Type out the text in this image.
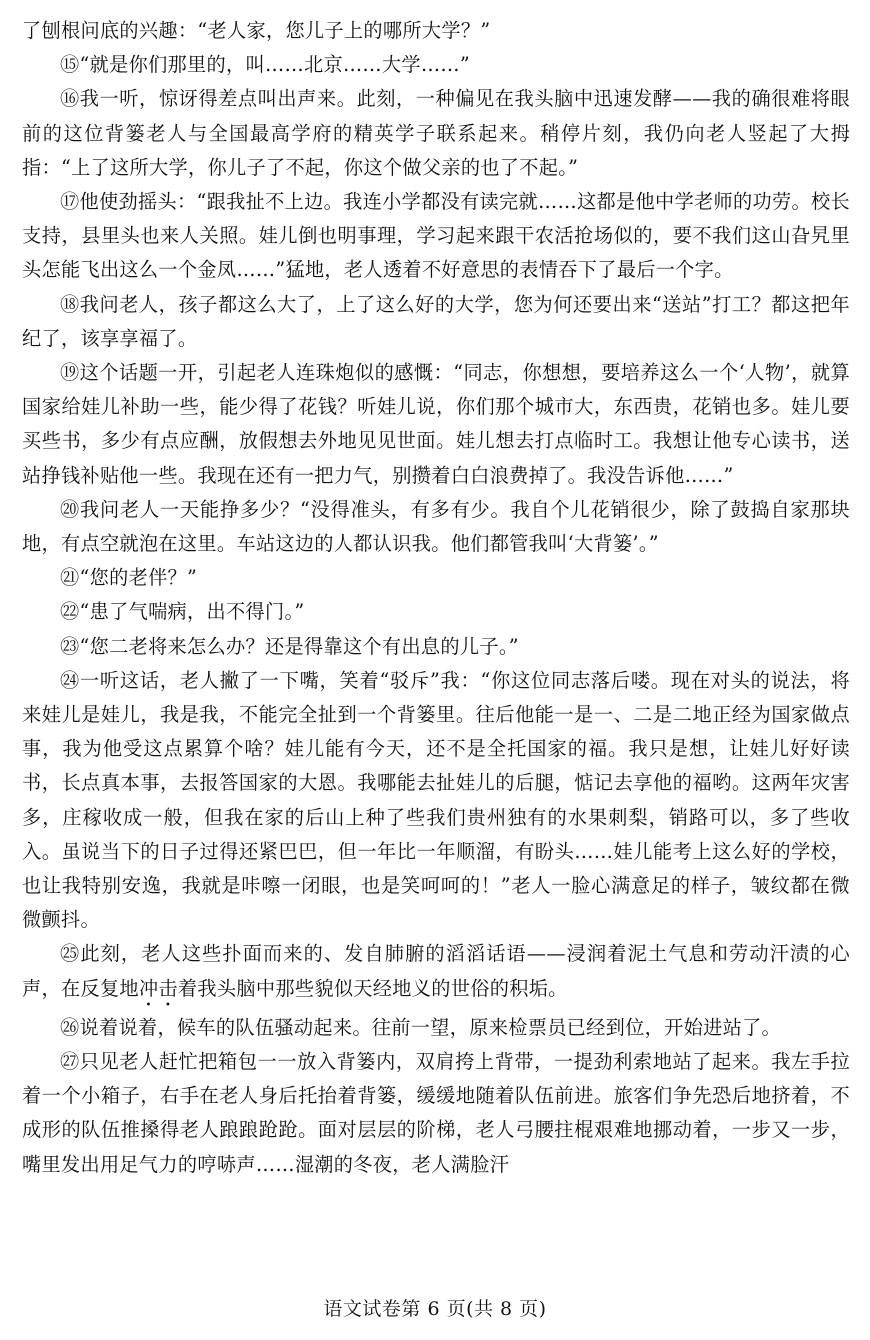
了刨根问底的兴趣：“老人家，您儿子上的哪所大学？”

⑮“就是你们那里的，叫……北京……大学……”

⑯我一听，惊讶得差点叫出声来。此刻，一种偏见在我头脑中迅速发酵——我的确很难将眼前的这位背篓老人与全国最高学府的精英学子联系起来。稍停片刻，我仍向老人竖起了大拇指：“上了这所大学，你儿子了不起，你这个做父亲的也了不起。”

⑰他使劲摇头：“跟我扯不上边。我连小学都没有读完就……这都是他中学老师的功劳。校长支持，县里头也来人关照。娃儿倒也明事理，学习起来跟干农活抢场似的，要不我们这山旮旯里头怎能飞出这么一个金凤……”猛地，老人透着不好意思的表情吞下了最后一个字。

⑱我问老人，孩子都这么大了，上了这么好的大学，您为何还要出来“送站”打工？都这把年纪了，该享享福了。

⑲这个话题一开，引起老人连珠炮似的感慨：“同志，你想想，要培养这么一个‘人物’，就算国家给娃儿补助一些，能少得了花钱？听娃儿说，你们那个城市大，东西贵，花销也多。娃儿要买些书，多少有点应酬，放假想去外地见见世面。娃儿想去打点临时工。我想让他专心读书，送站挣钱补贴他一些。我现在还有一把力气，别攒着白白浪费掉了。我没告诉他……”

⑳我问老人一天能挣多少？“没得准头，有多有少。我自个儿花销很少，除了鼓捣自家那块地，有点空就泡在这里。车站这边的人都认识我。他们都管我叫‘大背篓’。”

㉑“您的老伴？”

㉒“患了气喘病，出不得门。”

㉓“您二老将来怎么办？还是得靠这个有出息的儿子。”

㉔一听这话，老人撇了一下嘴，笑着“驳斥”我：“你这位同志落后喽。现在对头的说法，将来娃儿是娃儿，我是我，不能完全扯到一个背篓里。往后他能一是一、二是二地正经为国家做点事，我为他受这点累算个啥？娃儿能有今天，还不是全托国家的福。我只是想，让娃儿好好读书，长点真本事，去报答国家的大恩。我哪能去扯娃儿的后腿，惦记去享他的福哟。这两年灾害多，庄稼收成一般，但我在家的后山上种了些我们贵州独有的水果刺梨，销路可以，多了些收入。虽说当下的日子过得还紧巴巴，但一年比一年顺溜，有盼头……娃儿能考上这么好的学校，也让我特别安逸，我就是咔嚓一闭眼，也是笑呵呵的！”老人一脸心满意足的样子，皱纹都在微微颤抖。

㉕此刻，老人这些扑面而来的、发自肺腑的滔滔话语——浸润着泥土气息和劳动汗渍的心声，在反复地冲击着我头脑中那些貌似天经地义的世俗的积垢。

㉖说着说着，候车的队伍骚动起来。往前一望，原来检票员已经到位，开始进站了。

㉗只见老人赶忙把箱包一一放入背篓内，双肩挎上背带，一提劲利索地站了起来。我左手拉着一个小箱子，右手在老人身后托抬着背篓，缓缓地随着队伍前进。旅客们争先恐后地挤着，不成形的队伍推搡得老人踉踉跄跄。面对层层的阶梯，老人弓腰拄棍艰难地挪动着，一步又一步，嘴里发出用足气力的哼哧声……湿潮的冬夜，老人满脸汗

语文试卷第 6 页(共 8 页)
